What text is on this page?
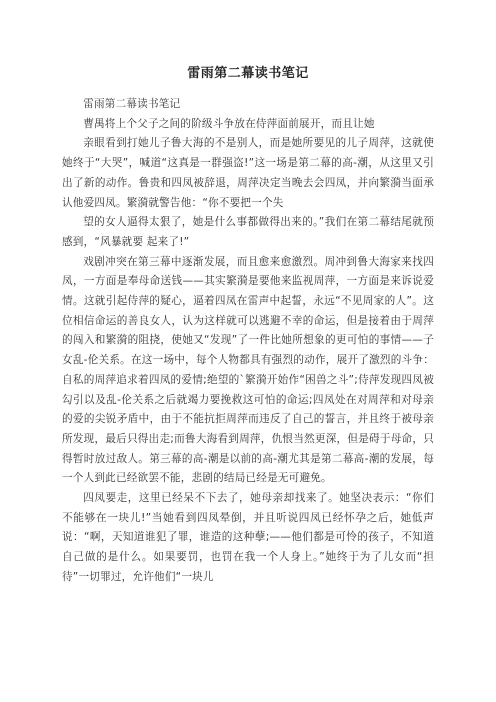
雷雨第二幕读书笔记

雷雨第二幕读书笔记

曹禺将上个父子之间的阶级斗争放在侍萍面前展开，而且让她

亲眼看到打她儿子鲁大海的不是别人，而是她所要见的儿子周萍，这就使她终于“大哭”，喊道“这真是一群强盗!”这一场是第二幕的高-潮，从这里又引出了新的动作。鲁贵和四凤被辞退，周萍决定当晚去会四凤，并向繁漪当面承认他爱四凤。繁漪就警告他：“你不要把一个失

望的女人逼得太狠了，她是什么事都做得出来的。”我们在第二幕结尾就预感到，“风暴就要 起来了!”

戏剧冲突在第三幕中逐渐发展，而且愈来愈激烈。周冲到鲁大海家来找四凤，一方面是奉母命送钱——其实繁漪是要他来监视周萍，一方面是来诉说爱情。这就引起侍萍的疑心，逼着四凤在雷声中起誓，永远“不见周家的人”。这位相信命运的善良女人，认为这样就可以逃避不幸的命运，但是接着由于周萍的闯入和繁漪的阻挠，使她又“发现”了一件比她所想象的更可怕的事情——子女乱-伦关系。在这一场中，每个人物都具有强烈的动作，展开了激烈的斗争：自私的周萍追求着四凤的爱情;绝望的`繁漪开始作“困兽之斗”;侍萍发现四凤被勾引以及乱-伦关系之后就竭力要挽救这可怕的命运;四凤处在对周萍和对母亲的爱的尖锐矛盾中，由于不能抗拒周萍而违反了自己的誓言，并且终于被母亲所发现，最后只得出走;而鲁大海看到周萍，仇恨当然更深，但是碍于母命，只得暂时放过敌人。第三幕的高-潮是以前的高-潮尤其是第二幕高-潮的发展，每一个人到此已经欲罢不能，悲剧的结局已经是无可避免。

四凤要走，这里已经呆不下去了，她母亲却找来了。她坚决表示：“你们不能够在一块儿!”当她看到四凤晕倒，并且听说四凤已经怀孕之后，她低声说：“啊，天知道谁犯了罪，谁造的这种孽;——他们都是可怜的孩子，不知道自己做的是什么。如果要罚，也罚在我一个人身上。”她终于为了儿女而“担待”一切罪过，允许他们“一块儿
